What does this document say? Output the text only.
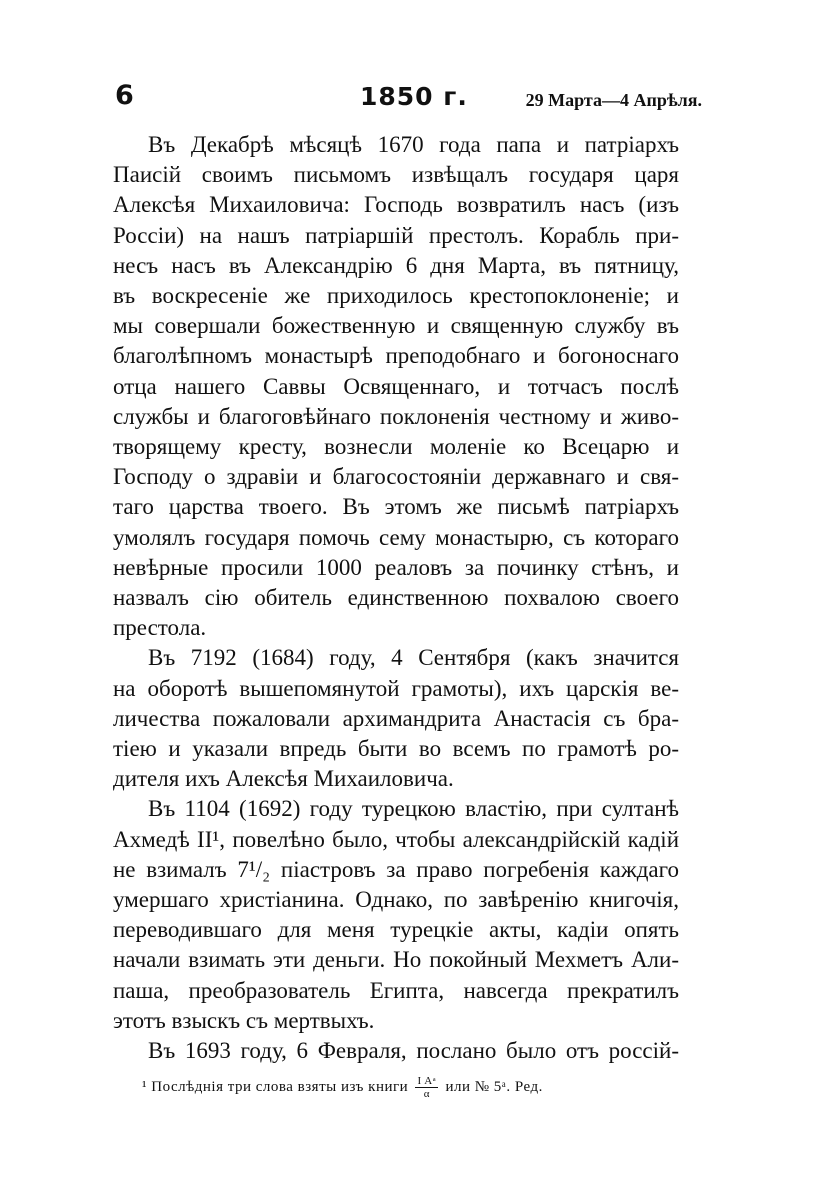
6	1850 г.	29 Марта—4 Апрѣля.

Въ Декабрѣ мѣсяцѣ 1670 года папа и патріархъ
Паисій своимъ письмомъ извѣщалъ государя царя
Алексѣя Михаиловича: Господь возвратилъ насъ (изъ
Россіи) на нашъ патріаршій престолъ. Корабль при-
несъ насъ въ Александрію 6 дня Марта, въ пятницу,
въ воскресеніе же приходилось крестопоклоненіе; и
мы совершали божественную и священную службу въ
благолѣпномъ монастырѣ преподобнаго и богоноснаго
отца нашего Саввы Освященнаго, и тотчасъ послѣ
службы и благоговѣйнаго поклоненія честному и живо-
творящему кресту, вознесли моленіе ко Всецарю и
Господу о здравіи и благосостояніи державнаго и свя-
таго царства твоего. Въ этомъ же письмѣ патріархъ
умолялъ государя помочь сему монастырю, съ котораго
невѣрные просили 1000 реаловъ за починку стѣнъ, и
назвалъ сію обитель единственною похвалою своего
престола.

Въ 7192 (1684) году, 4 Сентября (какъ значится
на оборотѣ вышепомянутой грамоты), ихъ царскія ве-
личества пожаловали архимандрита Анастасія съ бра-
тіею и указали впредь быти во всемъ по грамотѣ ро-
дителя ихъ Алексѣя Михаиловича.

Въ 1104 (1692) году турецкою властію, при султанѣ
Ахмедѣ II¹, повелѣно было, чтобы александрійскій кадій
не взималъ 7¹/₂ піастровъ за право погребенія каждаго
умершаго христіанина. Однако, по завѣренію книгочія,
переводившаго для меня турецкіе акты, кадіи опять
начали взимать эти деньги. Но покойный Мехметъ Али-
паша, преобразователь Египта, навсегда прекратилъ
этотъ взыскъ съ мертвыхъ.

Въ 1693 году, 6 Февраля, послано было отъ россій-

¹ Послѣднія три слова взяты изъ книги $\frac{\text{I Aᵃ}}{\alpha}$ или № 5ᵃ. Ред.
